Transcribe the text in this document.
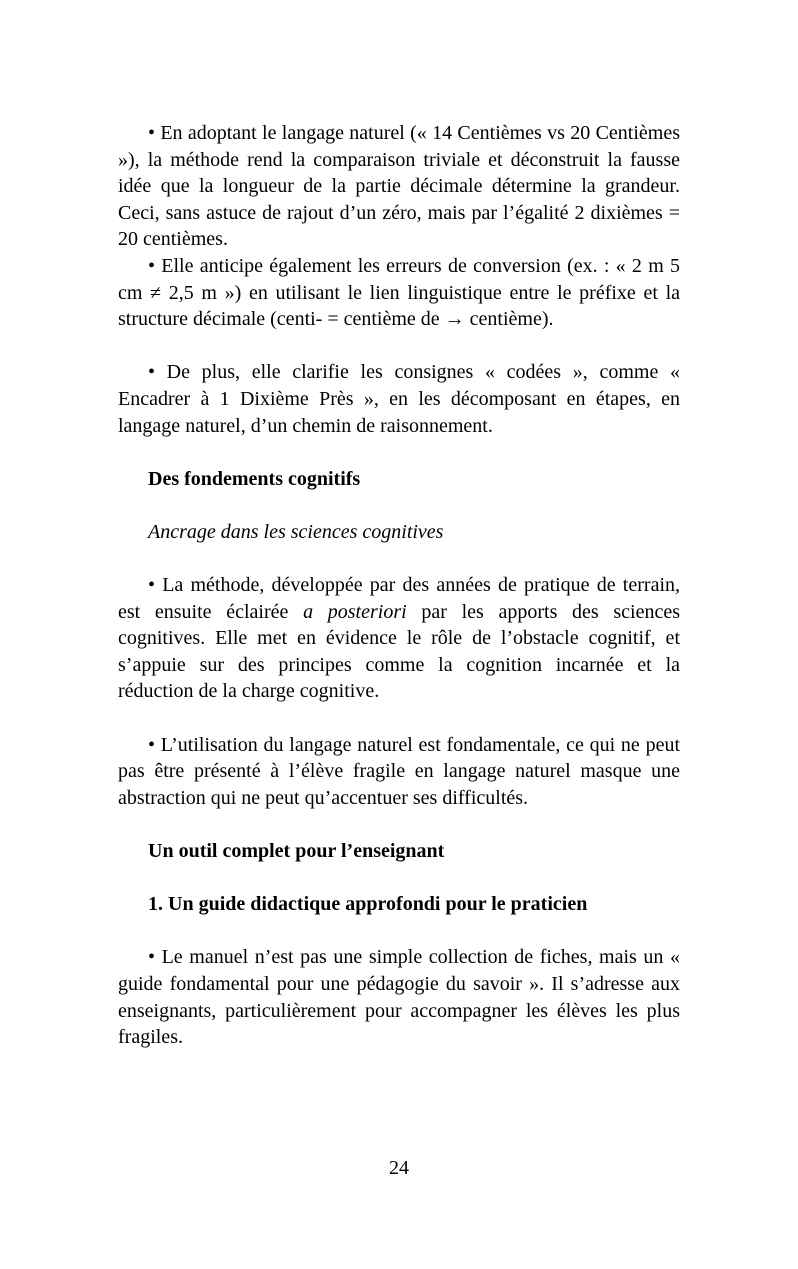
• En adoptant le langage naturel (« 14 Centièmes vs 20 Centièmes »), la méthode rend la comparaison triviale et déconstruit la fausse idée que la longueur de la partie décimale détermine la grandeur. Ceci, sans astuce de rajout d’un zéro, mais par l’égalité 2 dixièmes = 20 centièmes.

• Elle anticipe également les erreurs de conversion (ex. : « 2 m 5 cm ≠ 2,5 m ») en utilisant le lien linguistique entre le préfixe et la structure décimale (centi- = centième de → centième).

• De plus, elle clarifie les consignes « codées », comme « Encadrer à 1 Dixième Près », en les décomposant en étapes, en langage naturel, d’un chemin de raisonnement.

Des fondements cognitifs

Ancrage dans les sciences cognitives

• La méthode, développée par des années de pratique de terrain, est ensuite éclairée a posteriori par les apports des sciences cognitives. Elle met en évidence le rôle de l’obstacle cognitif, et s’appuie sur des principes comme la cognition incarnée et la réduction de la charge cognitive.

• L’utilisation du langage naturel est fondamentale, ce qui ne peut pas être présenté à l’élève fragile en langage naturel masque une abstraction qui ne peut qu’accentuer ses difficultés.

Un outil complet pour l’enseignant

1. Un guide didactique approfondi pour le praticien

• Le manuel n’est pas une simple collection de fiches, mais un « guide fondamental pour une pédagogie du savoir ». Il s’adresse aux enseignants, particulièrement pour accompagner les élèves les plus fragiles.

24
